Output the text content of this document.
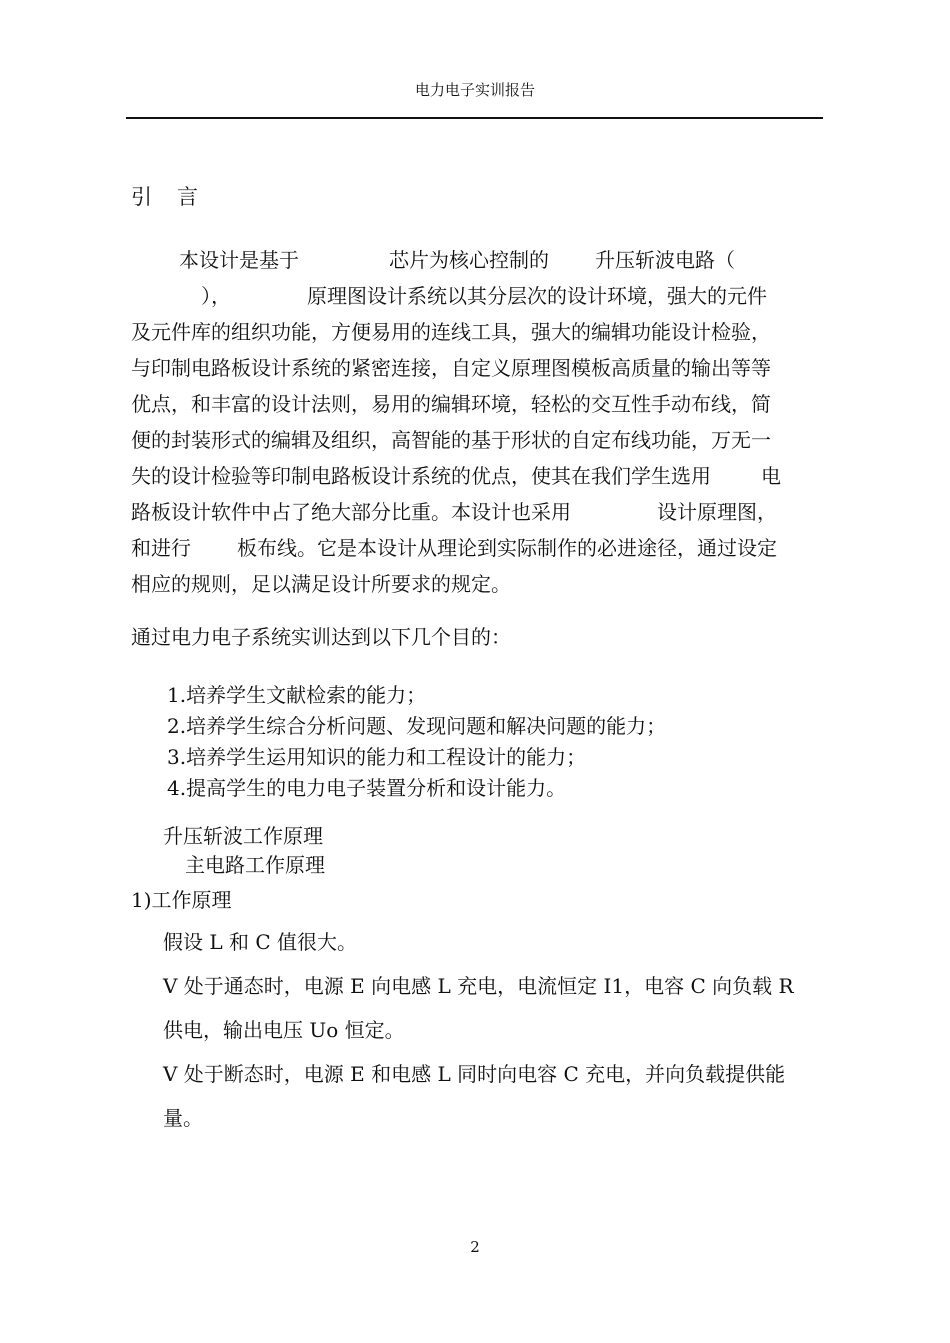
电力电子实训报告
引 言
本设计是基于	芯片为核心控制的 升压斩波电路（
），	原理图设计系统以其分层次的设计环境，强大的元件
及元件库的组织功能，方便易用的连线工具，强大的编辑功能设计检验，
与印制电路板设计系统的紧密连接，自定义原理图模板高质量的输出等等
优点，和丰富的设计法则，易用的编辑环境，轻松的交互性手动布线，简
便的封装形式的编辑及组织，高智能的基于形状的自定布线功能，万无一
失的设计检验等印制电路板设计系统的优点，使其在我们学生选用	电
路板设计软件中占了绝大部分比重。本设计也采用	设计原理图，
和进行 板布线。它是本设计从理论到实际制作的必进途径，通过设定
相应的规则，足以满足设计所要求的规定。
通过电力电子系统实训达到以下几个目的：
1.培养学生文献检索的能力；
2.培养学生综合分析问题、发现问题和解决问题的能力；
3.培养学生运用知识的能力和工程设计的能力；
4.提高学生的电力电子装置分析和设计能力。
升压斩波工作原理
主电路工作原理
1)工作原理
假设 L 和 C 值很大。
V 处于通态时，电源 E 向电感 L 充电，电流恒定 I1，电容 C 向负载 R
供电，输出电压 Uo 恒定。
V 处于断态时，电源 E 和电感 L 同时向电容 C 充电，并向负载提供能
量。
2
